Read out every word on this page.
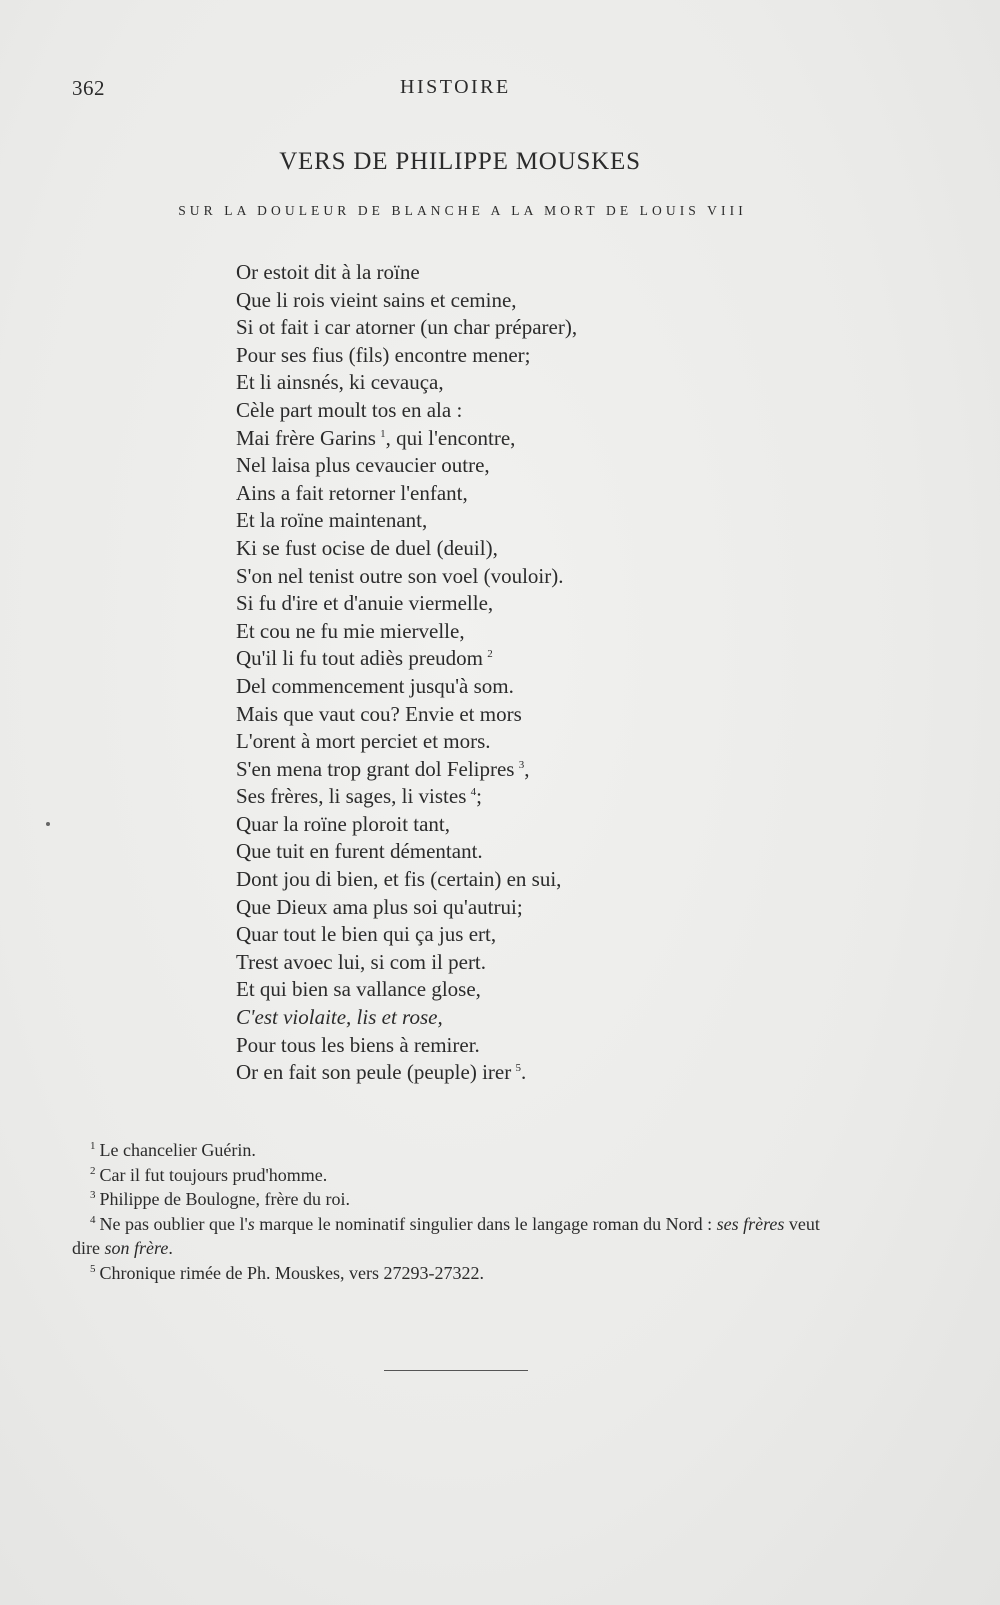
362	HISTOIRE
VERS DE PHILIPPE MOUSKES
SUR LA DOULEUR DE BLANCHE A LA MORT DE LOUIS VIII
Or estoit dit à la roïne
Que li rois vieint sains et cemine,
Si ot fait i car atorner (un char préparer),
Pour ses fius (fils) encontre mener;
Et li ainsnés, ki cevauça,
Cèle part moult tos en ala :
Mai frère Garins  $^1$, qui l'encontre,
Nel laisa plus cevaucier outre,
Ains a fait retorner l'enfant,
Et la roïne maintenant,
Ki se fust ocise de duel (deuil),
S'on nel tenist outre son voel (vouloir).
Si fu d'ire et d'anuie viermelle,
Et cou ne fu mie miervelle,
Qu'il li fu tout adiès preudom  $^2$
Del commencement jusqu'à som.
Mais que vaut cou? Envie et mors
L'orent à mort perciet et mors.
S'en mena trop grant dol Felipres  $^3$,
Ses frères, li sages, li vistes  $^4$;
Quar la roïne ploroit tant,
Que tuit en furent démentant.
Dont jou di bien, et fis (certain) en sui,
Que Dieux ama plus soi qu'autrui;
Quar tout le bien qui ça jus ert,
Trest avoec lui, si com il pert.
Et qui bien sa vallance glose,
C'est violaite, lis et rose,
Pour tous les biens à remirer.
Or en fait son peule (peuple) irer  $^5$.
$^1$ Le chancelier Guérin.
$^2$ Car il fut toujours prud'homme.
$^3$ Philippe de Boulogne, frère du roi.
$^4$ Ne pas oublier que l's marque le nominatif singulier dans le langage roman du Nord : ses frères veut dire son frère.
$^5$ Chronique rimée de Ph. Mouskes, vers 27293-27322.
